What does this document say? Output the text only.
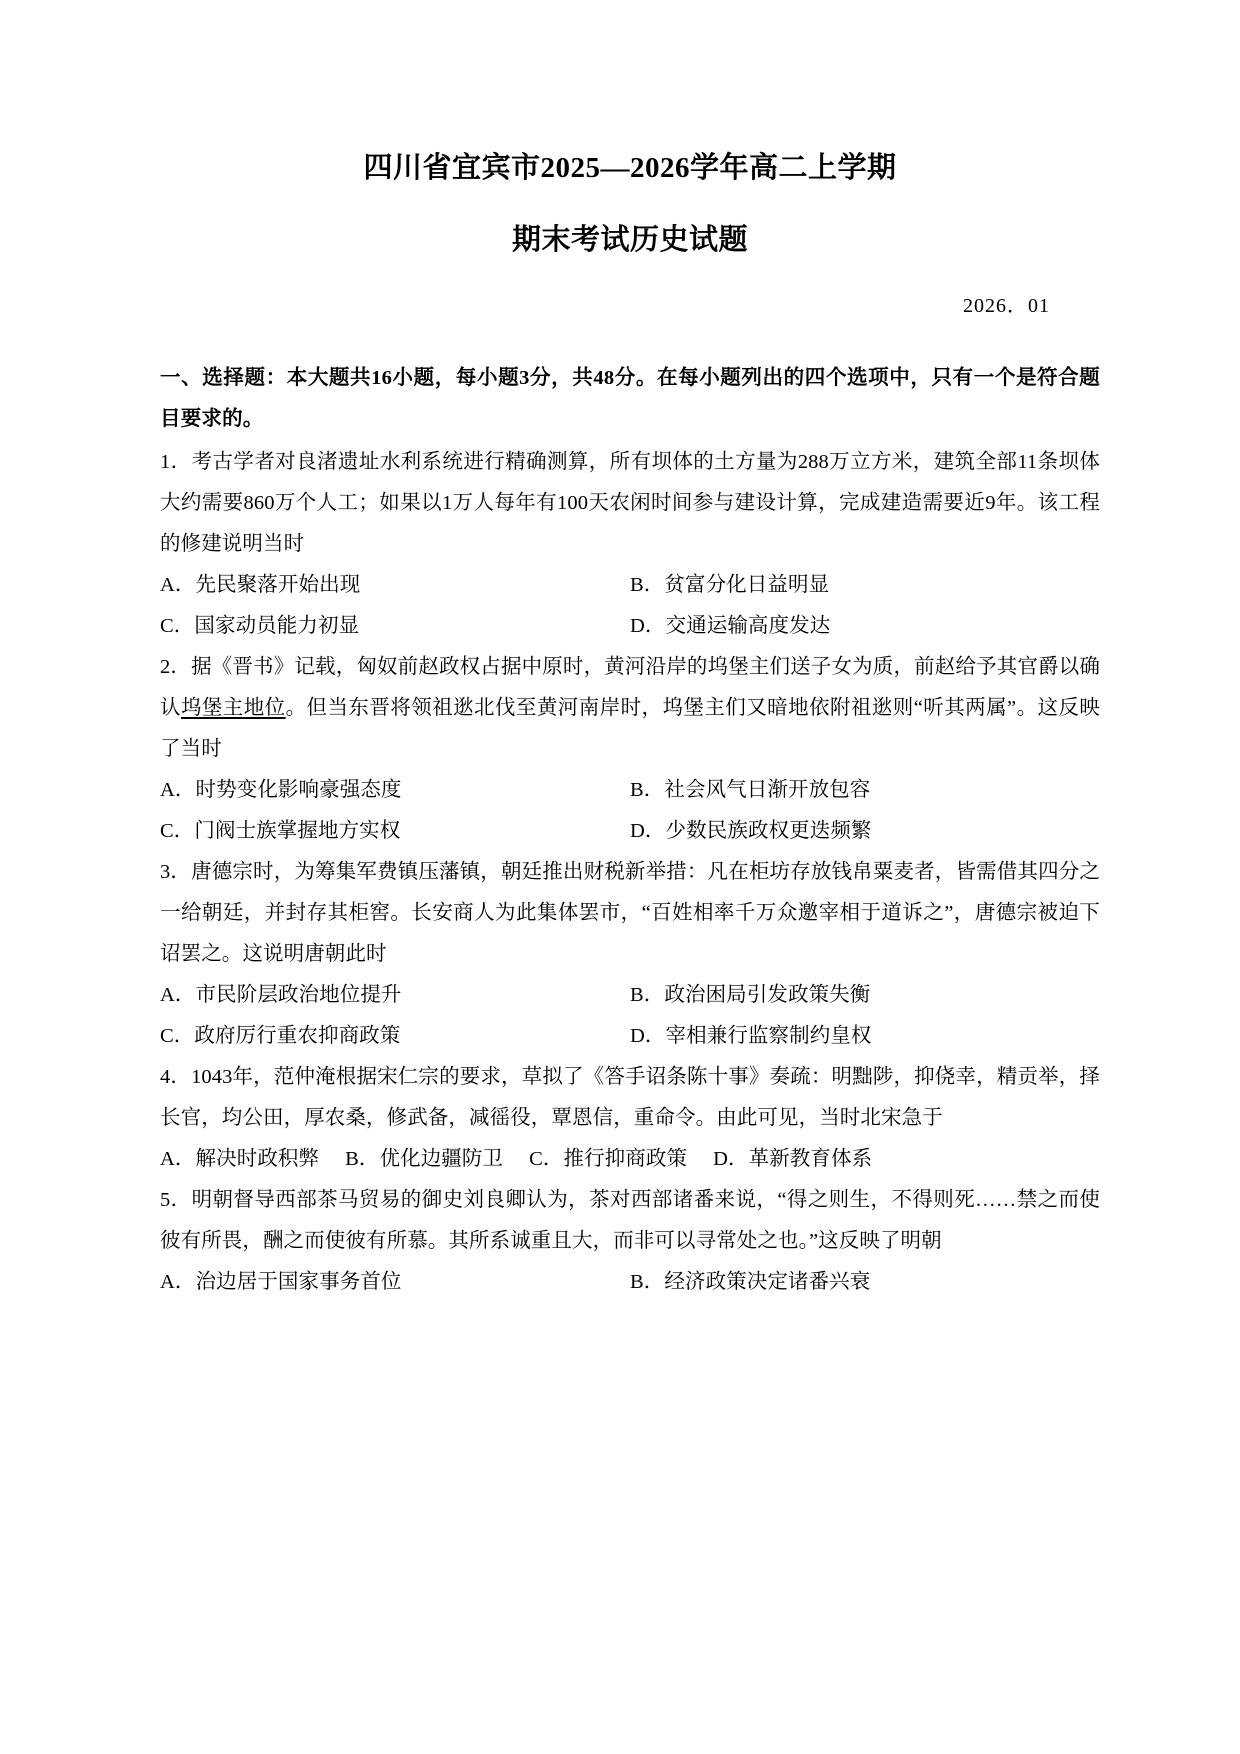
四川省宜宾市2025—2026学年高二上学期
期末考试历史试题
2026．01
一、选择题：本大题共16小题，每小题3分，共48分。在每小题列出的四个选项中，只有一个是符合题目要求的。

1．考古学者对良渚遗址水利系统进行精确测算，所有坝体的土方量为288万立方米，建筑全部11条坝体大约需要860万个人工；如果以1万人每年有100天农闲时间参与建设计算，完成建造需要近9年。该工程的修建说明当时

A．先民聚落开始出现	B．贫富分化日益明显
C．国家动员能力初显	D．交通运输高度发达

2．据《晋书》记载，匈奴前赵政权占据中原时，黄河沿岸的坞堡主们送子女为质，前赵给予其官爵以确认坞堡主地位。但当东晋将领祖逖北伐至黄河南岸时，坞堡主们又暗地依附祖逖则“听其两属”。这反映了当时

A．时势变化影响豪强态度	B．社会风气日渐开放包容
C．门阀士族掌握地方实权	D．少数民族政权更迭频繁

3．唐德宗时，为筹集军费镇压藩镇，朝廷推出财税新举措：凡在柜坊存放钱帛粟麦者，皆需借其四分之一给朝廷，并封存其柜窖。长安商人为此集体罢市，“百姓相率千万众邀宰相于道诉之”，唐德宗被迫下诏罢之。这说明唐朝此时

A．市民阶层政治地位提升	B．政治困局引发政策失衡
C．政府厉行重农抑商政策	D．宰相兼行监察制约皇权

4．1043年，范仲淹根据宋仁宗的要求，草拟了《答手诏条陈十事》奏疏：明黜陟，抑侥幸，精贡举，择长官，均公田，厚农桑，修武备，减徭役，覃恩信，重命令。由此可见，当时北宋急于

A．解决时政积弊 B．优化边疆防卫 C．推行抑商政策 D．革新教育体系

5．明朝督导西部茶马贸易的御史刘良卿认为，茶对西部诸番来说，“得之则生，不得则死……禁之而使彼有所畏，酬之而使彼有所慕。其所系诚重且大，而非可以寻常处之也。”这反映了明朝

A．治边居于国家事务首位	B．经济政策决定诸番兴衰
